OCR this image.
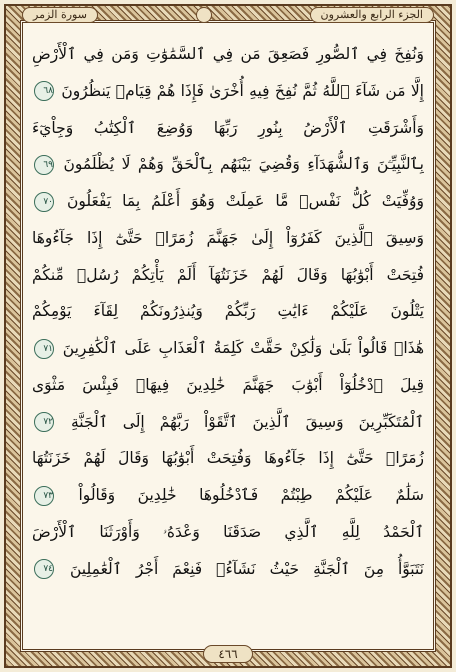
الجزء الرابع والعشرون
سورة الزمر
وَنُفِخَ فِي ٱلصُّورِ فَصَعِقَ مَن فِي ٱلسَّمَٰوَٰتِ وَمَن فِي ٱلْأَرْضِ
إِلَّا مَن شَآءَ ٱللَّهُ ثُمَّ نُفِخَ فِيهِ أُخْرَىٰ فَإِذَا هُمْ قِيَامٞ يَنظُرُونَ ٦٨
وَأَشْرَقَتِ ٱلْأَرْضُ بِنُورِ رَبِّهَا وَوُضِعَ ٱلْكِتَٰبُ وَجِاْيٓءَ
بِٱلنَّبِيِّـۧنَ وَٱلشُّهَدَآءِ وَقُضِيَ بَيْنَهُم بِٱلْحَقِّ وَهُمْ لَا يُظْلَمُونَ ٦٩
وَوُفِّيَتْ كُلُّ نَفْسٖ مَّا عَمِلَتْ وَهُوَ أَعْلَمُ بِمَا يَفْعَلُونَ ٧٠
وَسِيقَ ٱلَّذِينَ كَفَرُوٓاْ إِلَىٰ جَهَنَّمَ زُمَرًاۖ حَتَّىٰٓ إِذَا جَآءُوهَا
فُتِحَتْ أَبْوَٰبُهَا وَقَالَ لَهُمْ خَزَنَتُهَآ أَلَمْ يَأْتِكُمْ رُسُلٞ مِّنكُمْ
يَتْلُونَ عَلَيْكُمْ ءَايَٰتِ رَبِّكُمْ وَيُنذِرُونَكُمْ لِقَآءَ يَوْمِكُمْ
هَٰذَاۚ قَالُواْ بَلَىٰ وَلَٰكِنْ حَقَّتْ كَلِمَةُ ٱلْعَذَابِ عَلَى ٱلْكَٰفِرِينَ ٧١
قِيلَ ٱدْخُلُوٓاْ أَبْوَٰبَ جَهَنَّمَ خَٰلِدِينَ فِيهَاۖ فَبِئْسَ مَثْوَى
ٱلْمُتَكَبِّرِينَ وَسِيقَ ٱلَّذِينَ ٱتَّقَوْاْ رَبَّهُمْ إِلَى ٱلْجَنَّةِ ٧٢
زُمَرًاۖ حَتَّىٰٓ إِذَا جَآءُوهَا وَفُتِحَتْ أَبْوَٰبُهَا وَقَالَ لَهُمْ خَزَنَتُهَا
سَلَٰمٌ عَلَيْكُمْ طِبْتُمْ فَٱدْخُلُوهَا خَٰلِدِينَ وَقَالُواْ ٧٣
ٱلْحَمْدُ لِلَّهِ ٱلَّذِي صَدَقَنَا وَعْدَهُۥ وَأَوْرَثَنَا ٱلْأَرْضَ
نَتَبَوَّأُ مِنَ ٱلْجَنَّةِ حَيْثُ نَشَآءُۖ فَنِعْمَ أَجْرُ ٱلْعَٰمِلِينَ ٧٤
٤٦٦
